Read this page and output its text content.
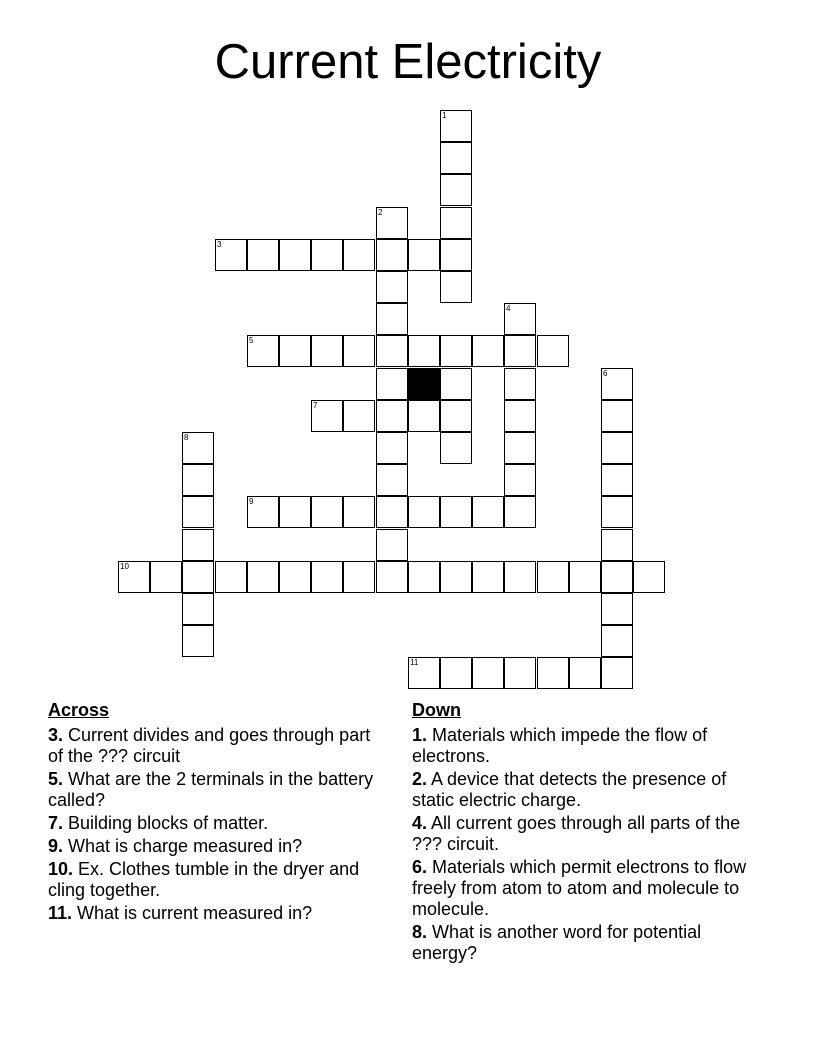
Current Electricity
1
2
3
4
5
6
7
8
9
10
11
Across
3. Current divides and goes through part of the ??? circuit
5. What are the 2 terminals in the battery called?
7. Building blocks of matter.
9. What is charge measured in?
10. Ex. Clothes tumble in the dryer and cling together.
11. What is current measured in?
Down
1. Materials which impede the flow of electrons.
2. A device that detects the presence of static electric charge.
4. All current goes through all parts of the ??? circuit.
6. Materials which permit electrons to flow freely from atom to atom and molecule to molecule.
8. What is another word for potential energy?
